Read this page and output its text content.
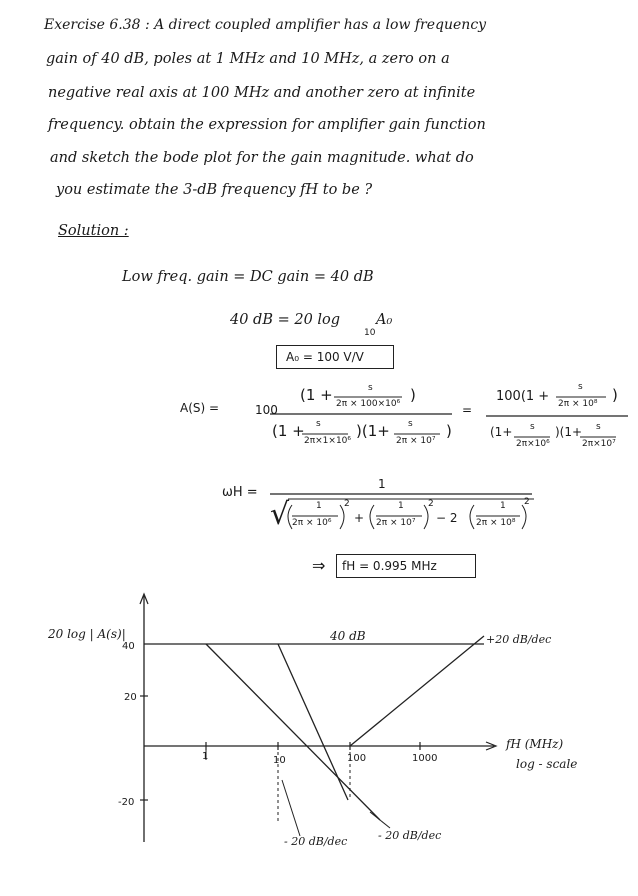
Exercise 6.38 : A direct coupled amplifier has a low frequency
gain of 40 dB, poles at 1 MHz and 10 MHz, a zero on a
negative real axis at 100 MHz and another zero at infinite
frequency. obtain the expression for amplifier gain function
and sketch the bode plot for the gain magnitude. what do
you estimate the 3-dB frequency fH to be ?
Solution :
Low freq. gain = DC gain = 40 dB
40 dB = 20 log
10
A₀
A₀ = 100 V/V
A(S) =	100
(1 +	s
2π × 100×10⁶ )
(1 + s
2π×1×10⁶
)(1+ s
2π × 10⁷
)
=
100(1 +
s
2π × 10⁸ )
(1+ s
2π×10⁶
)(1+ s
2π×10⁷
ωH =
1
√	1
2π × 10⁶
2
+
1
2π × 10⁷
2
− 2
1
2π × 10⁸
2
⇒ fH = 0.995 MHz
20 log | A(s)|
40
20
-20
1	10	100	1000
fH (MHz)
log - scale
40 dB	+20 dB/dec
- 20 dB/dec	- 20 dB/dec
